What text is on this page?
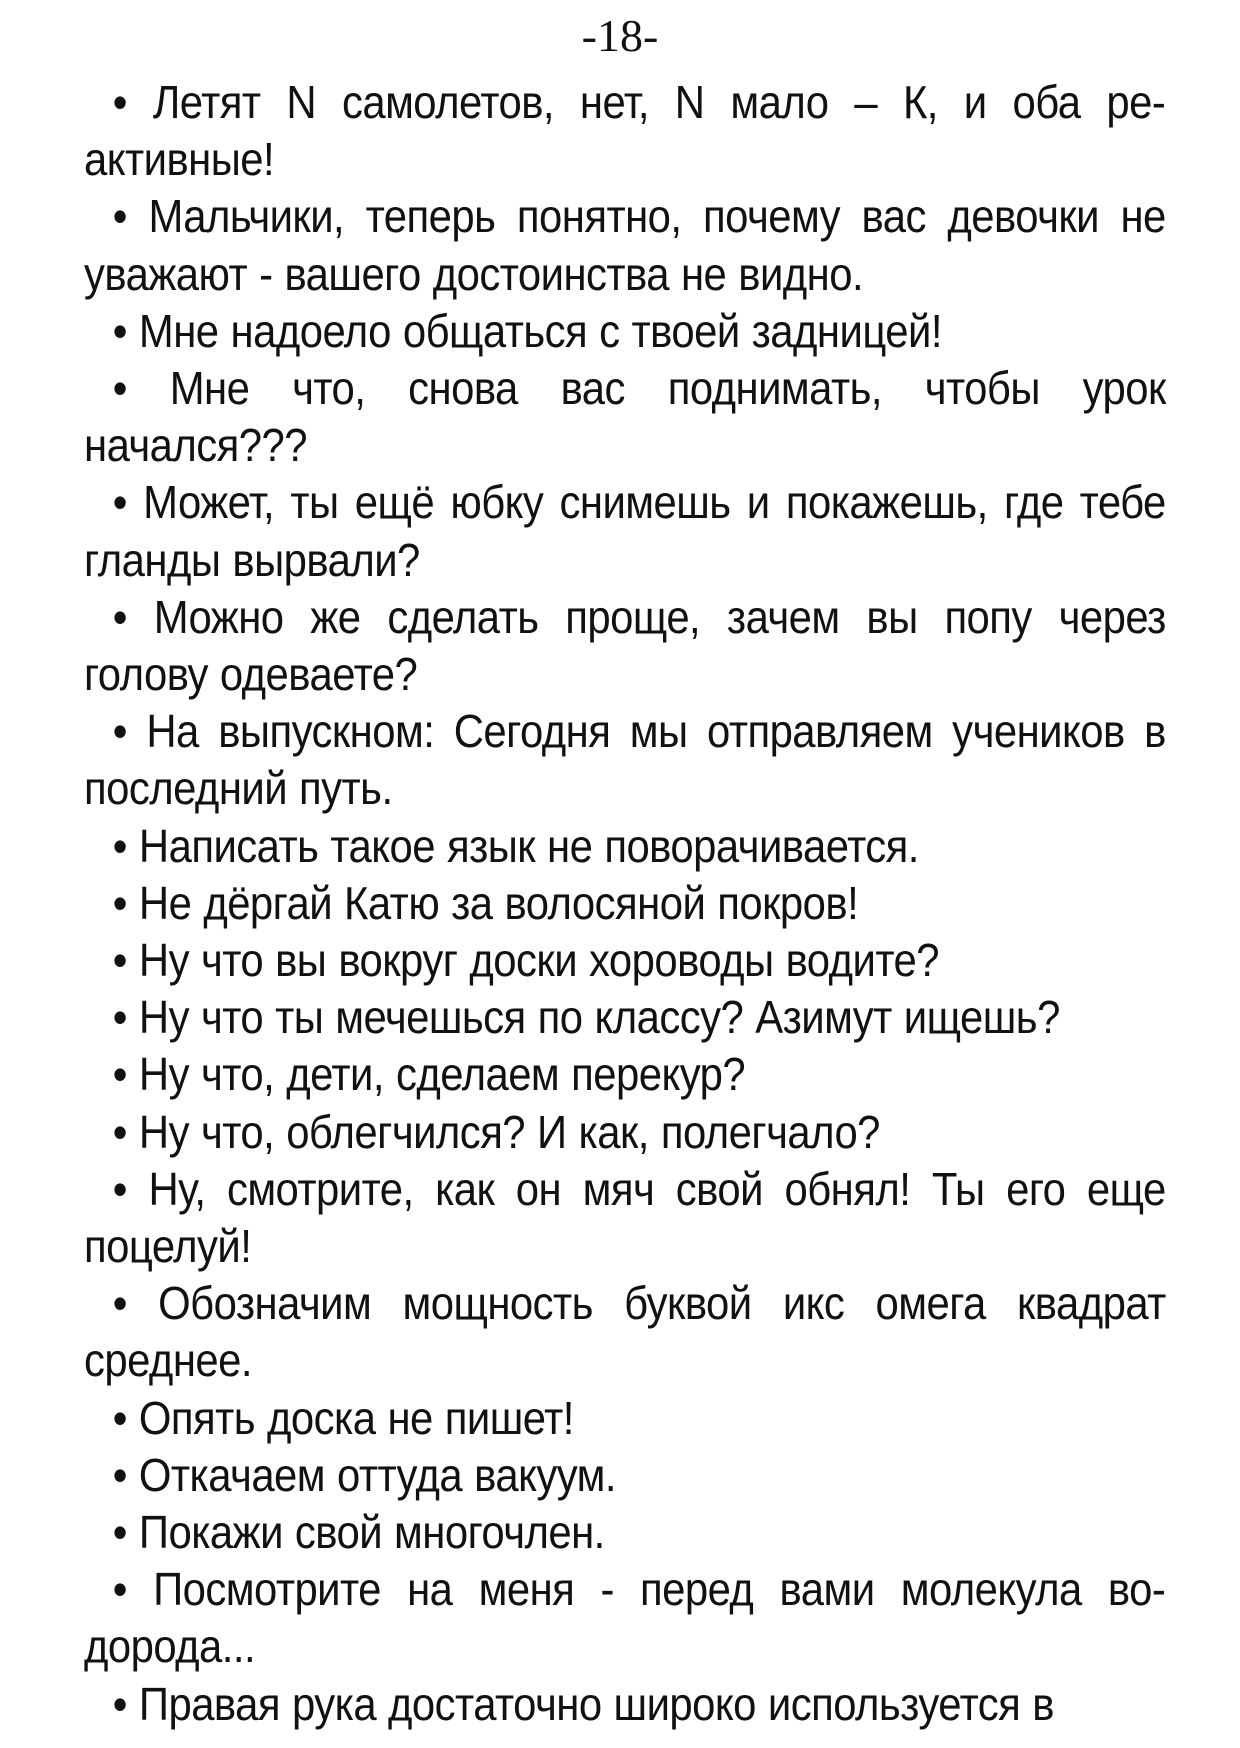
-18-

• Летят N самолетов, нет, N мало – К, и оба реактивные!

• Мальчики, теперь понятно, почему вас девочки не уважают - вашего достоинства не видно.

• Мне надоело общаться с твоей задницей!

• Мне что, снова вас поднимать, чтобы урок начался???

• Может, ты ещё юбку снимешь и покажешь, где тебе гланды вырвали?

• Можно же сделать проще, зачем вы попу через голову одеваете?

• На выпускном: Сегодня мы отправляем учеников в последний путь.

• Написать такое язык не поворачивается.

• Не дёргай Катю за волосяной покров!

• Ну что вы вокруг доски хороводы водите?

• Ну что ты мечешься по классу? Азимут ищешь?

• Ну что, дети, сделаем перекур?

• Ну что, облегчился? И как, полегчало?

• Ну, смотрите, как он мяч свой обнял! Ты его еще поцелуй!

• Обозначим мощность буквой икс омега квадрат среднее.

• Опять доска не пишет!

• Откачаем оттуда вакуум.

• Покажи свой многочлен.

• Посмотрите на меня - перед вами молекула водорода...

• Правая рука достаточно широко используется в
